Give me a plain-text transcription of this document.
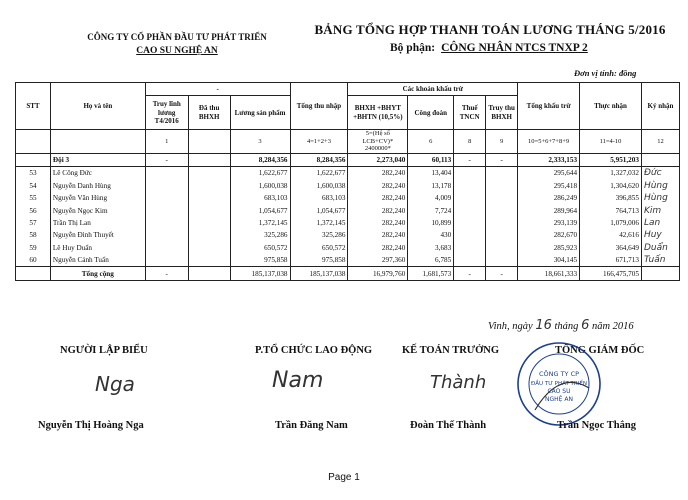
CÔNG TY CỔ PHẦN ĐẦU TƯ PHÁT TRIỂN
CAO SU NGHỆ AN
BẢNG TỔNG HỢP THANH TOÁN LƯƠNG THÁNG 5/2016
Bộ phận: CÔNG NHÂN NTCS TNXP 2
Đơn vị tính: đồng
STT	Họ và tên	-			Tổng thu nhập	Các khoản khấu trừ				Tổng khấu trừ	Thực nhận	Ký nhận
		Truy lĩnh lương T4/2016	Đã thu BHXH	Lương sản phẩm		BHXH +BHYT +BHTN (10,5%)	Công đoàn	Thuế TNCN	Truy thu BHXH			
		1		3	4=1+2+3	5=(Hệ số LCB+CV)* 2400000*	6	8	9	10=5+6+7+8+9	11=4-10	12
	Đội 3	-		8,284,356	8,284,356	2,273,040	60,113	-	-	2,333,153	5,951,203	
53	Lê Công Đức			1,622,677	1,622,677	282,240	13,404			295,644	1,327,032	Đức
54	Nguyễn Danh Hùng			1,600,038	1,600,038	282,240	13,178			295,418	1,304,620	Hùng
55	Nguyễn Văn Hùng			683,103	683,103	282,240	4,009			286,249	396,855	Hùng
56	Nguyễn Ngọc Kim			1,054,677	1,054,677	282,240	7,724			289,964	764,713	Kim
57	Trần Thị Lan			1,372,145	1,372,145	282,240	10,899			293,139	1,079,006	Lan
58	Nguyễn Đình Thuyết			325,286	325,286	282,240	430			282,670	42,616	Huy
59	Lê Huy Duẩn			650,572	650,572	282,240	3,683			285,923	364,649	Duẩn
60	Nguyễn Cảnh Tuấn			975,858	975,858	297,360	6,785			304,145	671,713	Tuấn
	Tổng cộng	-		185,137,038	185,137,038	16,979,760	1,681,573	-	-	18,661,333	166,475,705	
Vinh, ngày 16 tháng 6 năm 2016
NGƯỜI LẬP BIỂU	P.TỔ CHỨC LAO ĐỘNG	KẾ TOÁN TRƯỞNG	TỔNG GIÁM ĐỐC
Nga	Nam	Thành	CÔNG TY CP
ĐẦU TƯ PHÁT TRIỂN
CAO SU
NGHỆ AN
Nguyễn Thị Hoàng Nga	Trần Đăng Nam	Đoàn Thế Thành	Trần Ngọc Thắng
Page 1
